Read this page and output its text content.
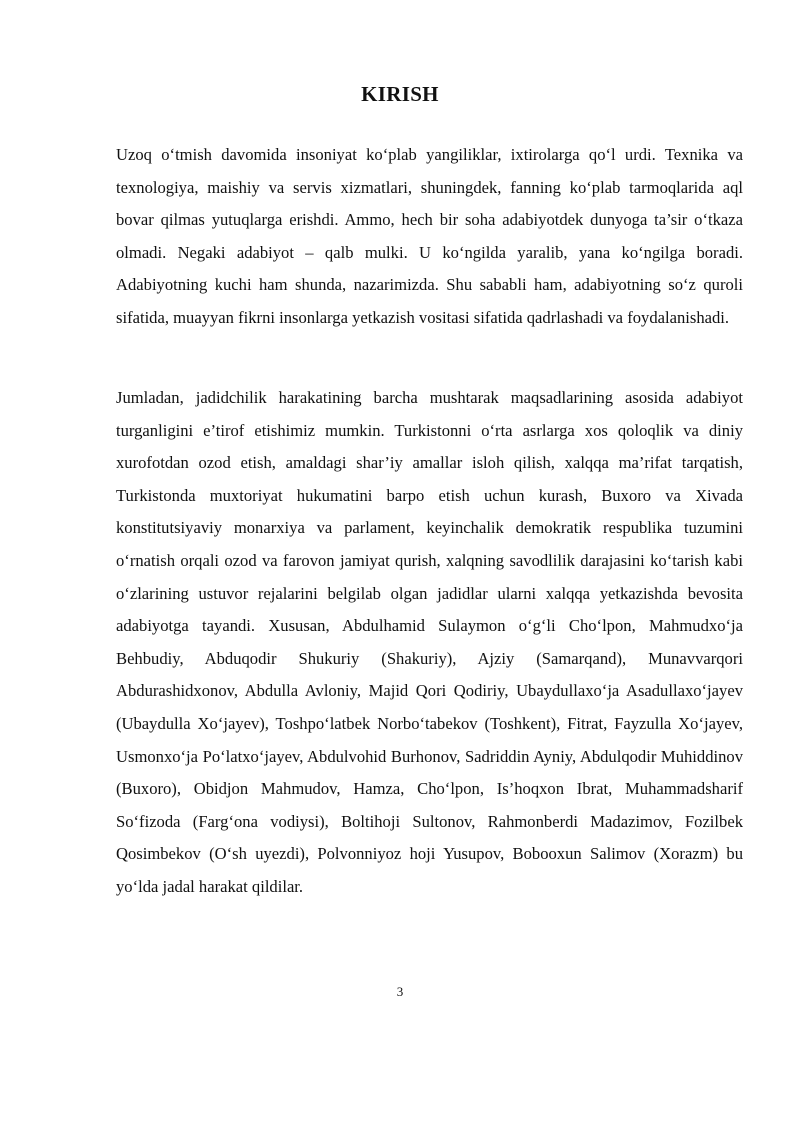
KIRISH

Uzoq o‘tmish davomida insoniyat ko‘plab yangiliklar, ixtirolarga qo‘l urdi. Texnika va texnologiya, maishiy va servis xizmatlari, shuningdek, fanning ko‘plab tarmoqlarida aql bovar qilmas yutuqlarga erishdi. Ammo, hech bir soha adabiyotdek dunyoga ta’sir o‘tkaza olmadi. Negaki adabiyot – qalb mulki. U ko‘ngilda yaralib, yana ko‘ngilga boradi. Adabiyotning kuchi ham shunda, nazarimizda. Shu sababli ham, adabiyotning so‘z quroli sifatida, muayyan fikrni insonlarga yetkazish vositasi sifatida qadrlashadi va foydalanishadi.

Jumladan, jadidchilik harakatining barcha mushtarak maqsadlarining asosida adabiyot turganligini e’tirof etishimiz mumkin. Turkistonni o‘rta asrlarga xos qoloqlik va diniy xurofotdan ozod etish, amaldagi shar’iy amallar isloh qilish, xalqqa ma’rifat tarqatish, Turkistonda muxtoriyat hukumatini barpo etish uchun kurash, Buxoro va Xivada konstitutsiyaviy monarxiya va parlament, keyinchalik demokratik respublika tuzumini o‘rnatish orqali ozod va farovon jamiyat qurish, xalqning savodlilik darajasini ko‘tarish kabi o‘zlarining ustuvor rejalarini belgilab olgan jadidlar ularni xalqqa yetkazishda bevosita adabiyotga tayandi. Xususan, Abdulhamid Sulaymon o‘g‘li Cho‘lpon, Mahmudxo‘ja Behbudiy, Abduqodir Shukuriy (Shakuriy), Ajziy (Samarqand), Munavvarqori Abdurashidxonov, Abdulla Avloniy, Majid Qori Qodiriy, Ubaydullaxo‘ja Asadullaxo‘jayev (Ubaydulla Xo‘jayev), Toshpo‘latbek Norbo‘tabekov (Toshkent), Fitrat, Fayzulla Xo‘jayev, Usmonxo‘ja Po‘latxo‘jayev, Abdulvohid Burhonov, Sadriddin Ayniy, Abdulqodir Muhiddinov (Buxoro), Obidjon Mahmudov, Hamza, Cho‘lpon, Is’hoqxon Ibrat, Muhammadsharif So‘fizoda (Farg‘ona vodiysi), Boltihoji Sultonov, Rahmonberdi Madazimov, Fozilbek Qosimbekov (O‘sh uyezdi), Polvonniyoz hoji Yusupov, Bobooxun Salimov (Xorazm) bu yo‘lda jadal harakat qildilar.

3
